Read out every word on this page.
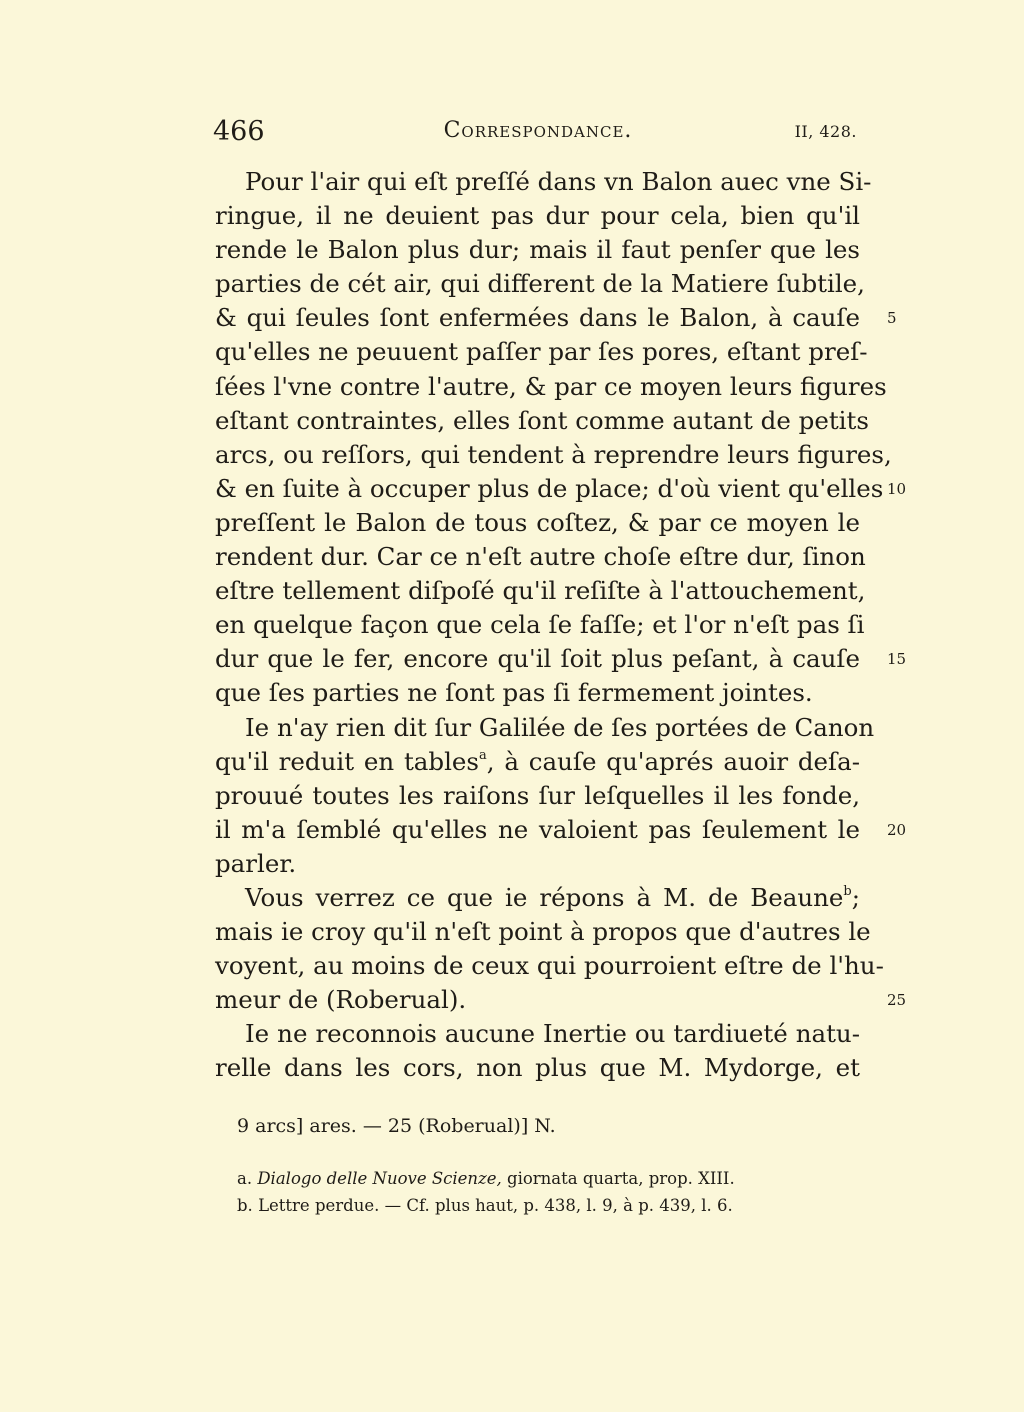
466	Correspondance.	II, 428.
Pour l'air qui eſt preſſé dans vn Balon auec vne Si-
ringue, il ne deuient pas dur pour cela, bien qu'il
rende le Balon plus dur; mais il faut penſer que les
parties de cét air, qui different de la Matiere ſubtile,
& qui ſeules ſont enfermées dans le Balon, à cauſe 5
qu'elles ne peuuent paſſer par ſes pores, eſtant preſ-
ſées l'vne contre l'autre, & par ce moyen leurs figures
eſtant contraintes, elles ſont comme autant de petits
arcs, ou reſſors, qui tendent à reprendre leurs figures,
& en ſuite à occuper plus de place; d'où vient qu'elles 10
preſſent le Balon de tous coſtez, & par ce moyen le
rendent dur. Car ce n'eſt autre choſe eſtre dur, ſinon
eſtre tellement diſpoſé qu'il reſiſte à l'attouchement,
en quelque façon que cela ſe faſſe; et l'or n'eſt pas ſi
dur que le fer, encore qu'il ſoit plus peſant, à cauſe 15
que ſes parties ne ſont pas ſi fermement jointes.
Ie n'ay rien dit ſur Galilée de ſes portées de Canon
qu'il reduit en tables$^a$, à cauſe qu'aprés auoir deſa-
prouué toutes les raiſons ſur leſquelles il les fonde,
il m'a ſemblé qu'elles ne valoient pas ſeulement le 20
parler.
Vous verrez ce que ie répons à M. de Beaune$^b$;
mais ie croy qu'il n'eſt point à propos que d'autres le
voyent, au moins de ceux qui pourroient eſtre de l'hu-
meur de (Roberual).	25
Ie ne reconnois aucune Inertie ou tardiueté natu-
relle dans les cors, non plus que M. Mydorge, et
9 arcs] ares. — 25 (Roberual)] N.
a. Dialogo delle Nuove Scienze, giornata quarta, prop. XIII.
b. Lettre perdue. — Cf. plus haut, p. 438, l. 9, à p. 439, l. 6.
